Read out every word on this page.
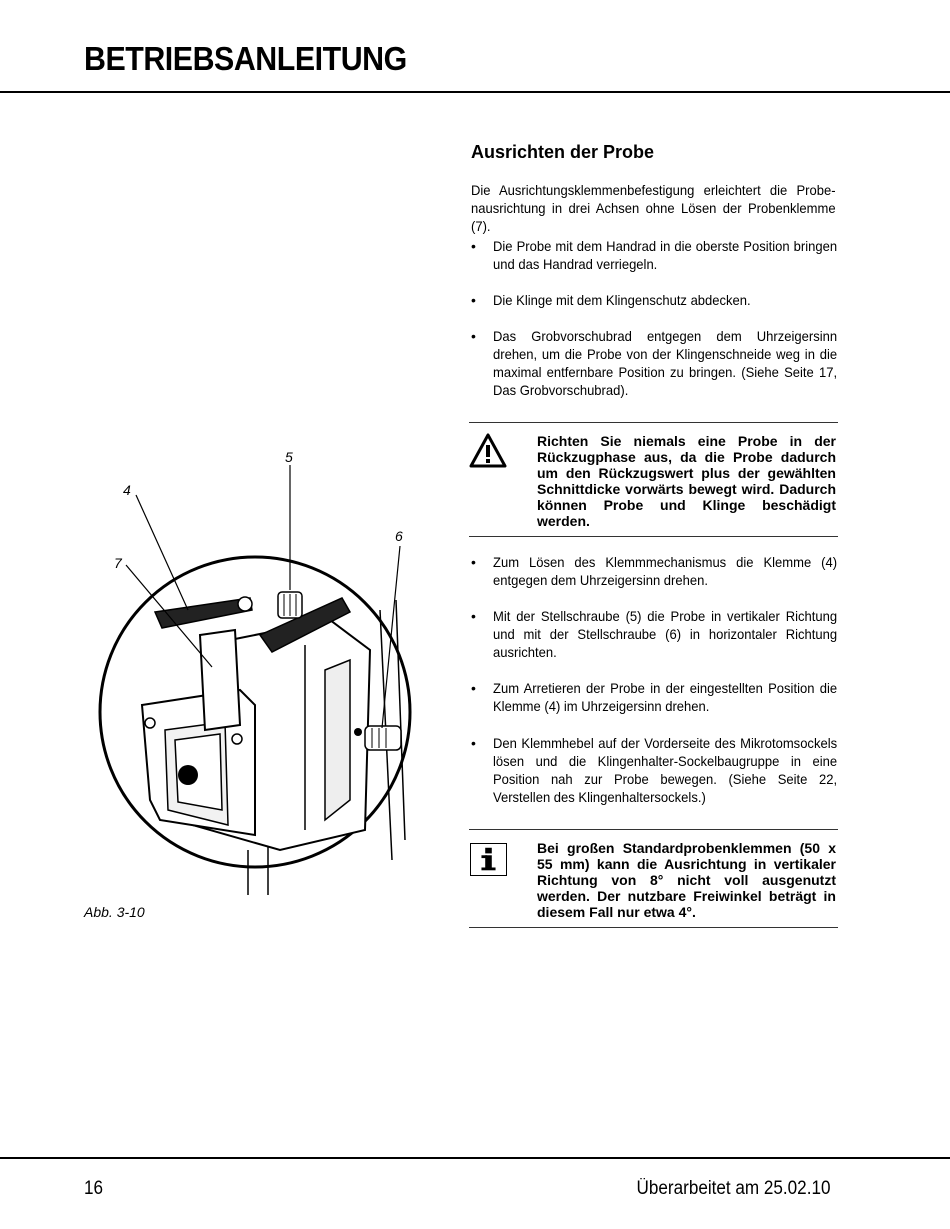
BETRIEBSANLEITUNG
5
4
7
6
Abb. 3-10
Ausrichten der Probe
Die Ausrichtungsklemmenbefestigung erleichtert die Probe-nausrichtung in drei Achsen ohne Lösen der Probenklemme (7).
•	Die Probe mit dem Handrad in die oberste Position bringen und das Handrad verriegeln.
•	Die Klinge mit dem Klingenschutz abdecken.
•	Das Grobvorschubrad entgegen dem Uhrzeigersinn drehen, um die Probe von der Klingenschneide weg in die maximal entfernbare Position zu bringen. (Siehe Seite 17, Das Grobvorschubrad).
Richten Sie niemals eine Probe in der Rückzugphase aus, da die Probe dadurch um den Rückzugswert plus der gewählten Schnittdicke vorwärts bewegt wird. Dadurch können Probe und Klinge beschädigt werden.
•	Zum Lösen des Klemmmechanismus die Klemme (4) entgegen dem Uhrzeigersinn drehen.
•	Mit der Stellschraube (5) die Probe in vertikaler Richtung und mit der Stellschraube (6) in horizontaler Richtung ausrichten.
•	Zum Arretieren der Probe in der eingestellten Position die Klemme (4) im Uhrzeigersinn drehen.
•	Den Klemmhebel auf der Vorderseite des Mikrotomsockels lösen und die Klingenhalter-Sockelbaugruppe in eine Position nah zur Probe bewegen. (Siehe Seite 22, Verstellen des Klingenhaltersockels.)
Bei großen Standardprobenklemmen (50 x 55 mm) kann die Ausrichtung in vertikaler Richtung von 8° nicht voll ausgenutzt werden. Der nutzbare Freiwinkel beträgt in diesem Fall nur etwa 4°.
16	Überarbeitet am 25.02.10
